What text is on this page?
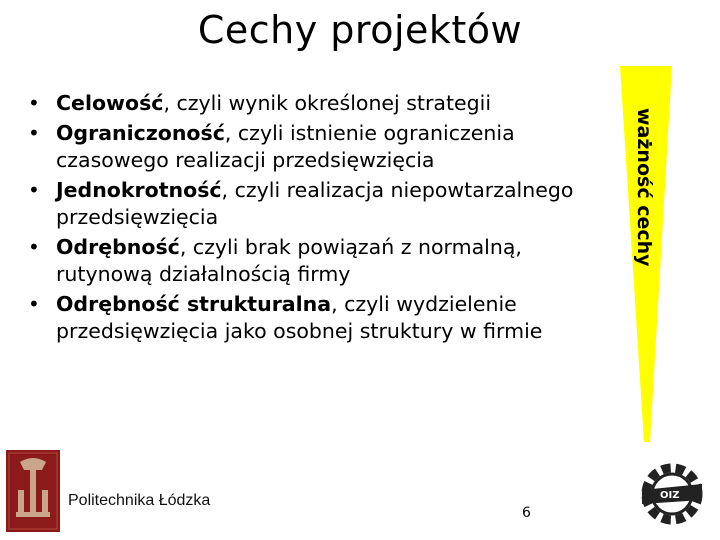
Cechy projektów
• Celowość, czyli wynik określonej strategii
• Ograniczoność, czyli istnienie ograniczenia czasowego realizacji przedsięwzięcia
• Jednokrotność, czyli realizacja niepowtarzalnego przedsięwzięcia
• Odrębność, czyli brak powiązań z normalną, rutynową działalnością firmy
• Odrębność strukturalna, czyli wydzielenie przedsięwzięcia jako osobnej struktury w firmie
ważność cechy
Politechnika Łódzka
6
OIZ
